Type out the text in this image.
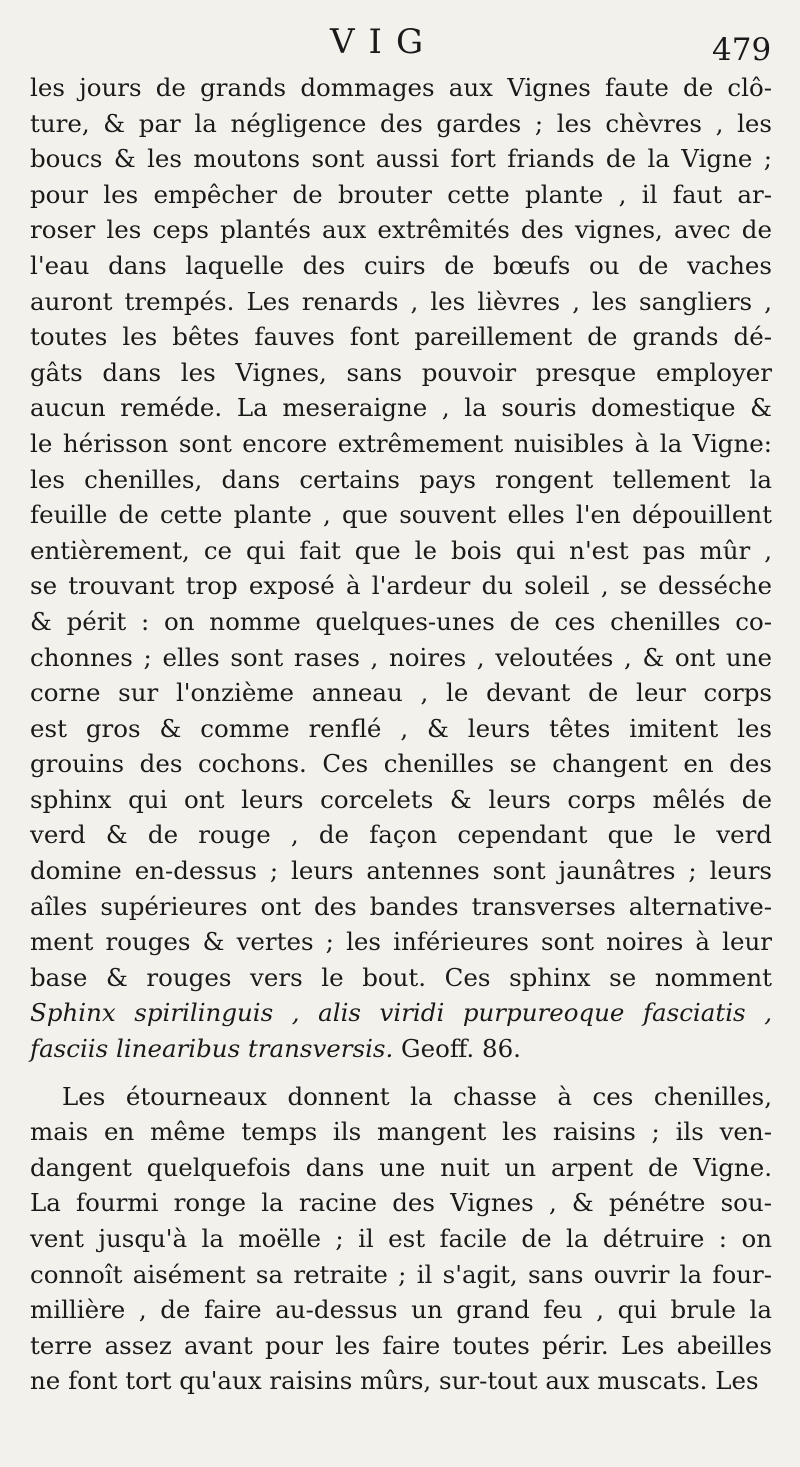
VIG	479
les jours de grands dommages aux Vignes faute de clô-
ture, & par la négligence des gardes ; les chèvres , les
boucs & les moutons sont aussi fort friands de la Vigne ;
pour les empêcher de brouter cette plante , il faut ar-
roser les ceps plantés aux extrêmités des vignes, avec de
l'eau dans laquelle des cuirs de bœufs ou de vaches
auront trempés. Les renards , les lièvres , les sangliers ,
toutes les bêtes fauves font pareillement de grands dé-
gâts dans les Vignes, sans pouvoir presque employer
aucun reméde. La meseraigne , la souris domestique &
le hérisson sont encore extrêmement nuisibles à la Vigne:
les chenilles, dans certains pays rongent tellement la
feuille de cette plante , que souvent elles l'en dépouillent
entièrement, ce qui fait que le bois qui n'est pas mûr ,
se trouvant trop exposé à l'ardeur du soleil , se desséche
& périt : on nomme quelques-unes de ces chenilles co-
chonnes ; elles sont rases , noires , veloutées , & ont une
corne sur l'onzième anneau , le devant de leur corps
est gros & comme renflé , & leurs têtes imitent les
grouins des cochons. Ces chenilles se changent en des
sphinx qui ont leurs corcelets & leurs corps mêlés de
verd & de rouge , de façon cependant que le verd
domine en-dessus ; leurs antennes sont jaunâtres ; leurs
aîles supérieures ont des bandes transverses alternative-
ment rouges & vertes ; les inférieures sont noires à leur
base & rouges vers le bout. Ces sphinx se nomment
Sphinx spirilinguis , alis viridi purpureoque fasciatis ,
fasciis linearibus transversis. Geoff. 86.
Les étourneaux donnent la chasse à ces chenilles,
mais en même temps ils mangent les raisins ; ils ven-
dangent quelquefois dans une nuit un arpent de Vigne.
La fourmi ronge la racine des Vignes , & pénétre sou-
vent jusqu'à la moëlle ; il est facile de la détruire : on
connoît aisément sa retraite ; il s'agit, sans ouvrir la four-
millière , de faire au-dessus un grand feu , qui brule la
terre assez avant pour les faire toutes périr. Les abeilles
ne font tort qu'aux raisins mûrs, sur-tout aux muscats. Les
